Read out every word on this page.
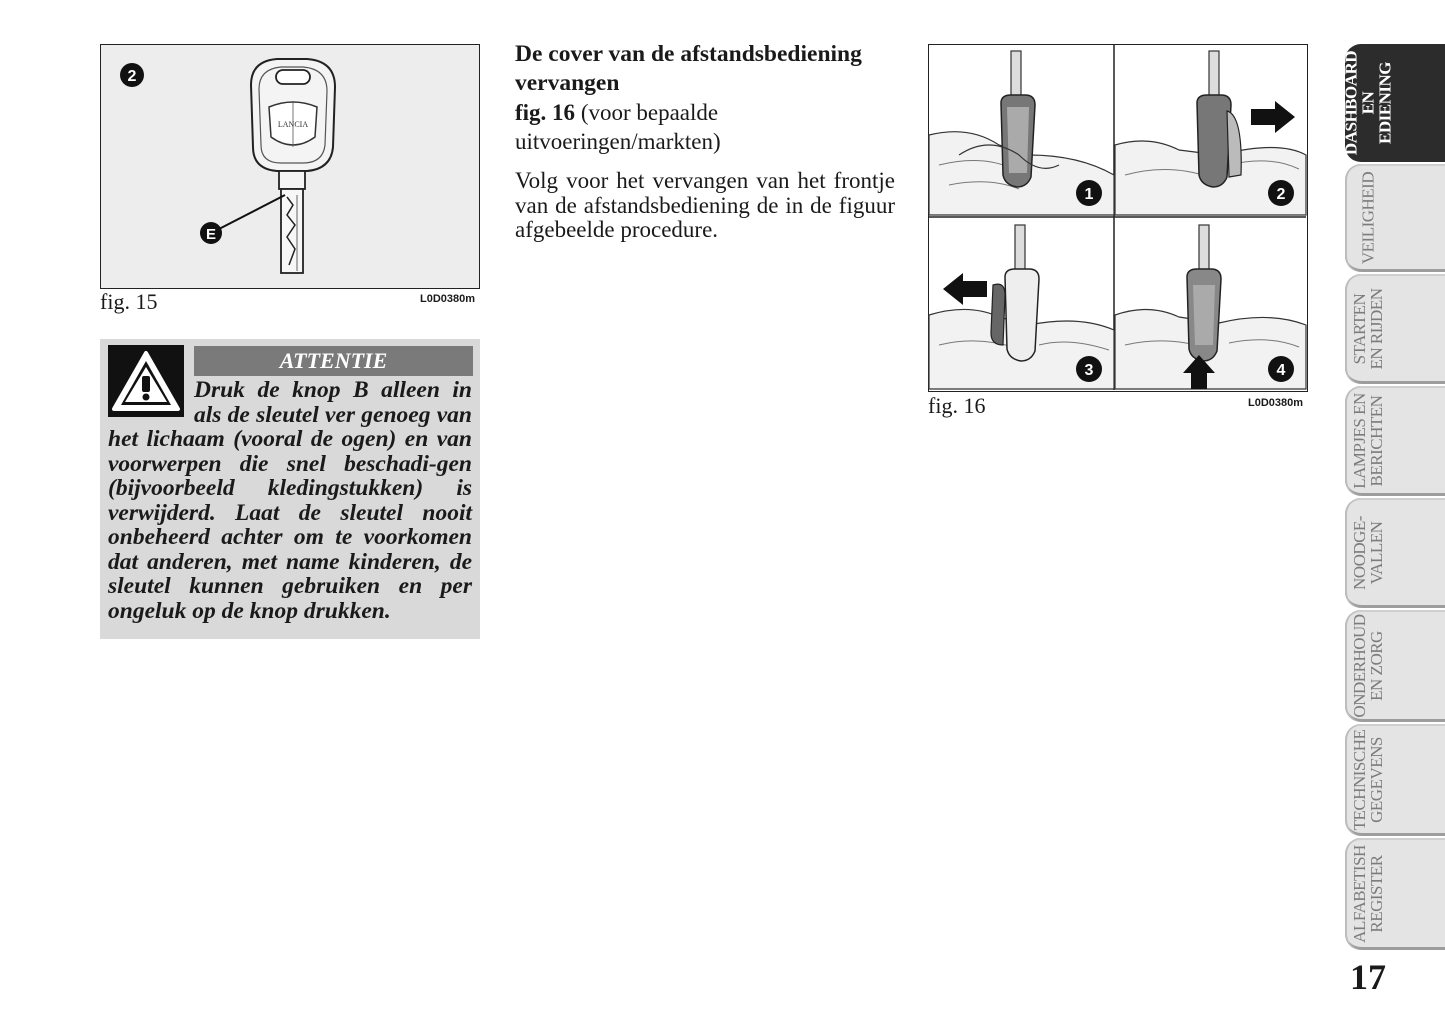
2
LANCIA
E
fig. 15	L0D0380m
ATTENTIE
Druk de knop B alleen in als de sleutel ver genoeg van het lichaam (vooral de ogen) en van voorwerpen die snel beschadi-gen (bijvoorbeeld kledingstukken) is verwijderd. Laat de sleutel nooit onbeheerd achter om te voorkomen dat anderen, met name kinderen, de sleutel kunnen gebruiken en per ongeluk op de knop drukken.
De cover van de afstandsbediening vervangen
fig. 16 (voor bepaalde uitvoeringen/markten)
Volg voor het vervangen van het frontje van de afstandsbediening de in de figuur afgebeelde procedure.
1	2
3	4
fig. 16	L0D0380m
DASHBOARD
EN
EDIENING
VEILIGHEID
STARTEN
EN RIJDEN
LAMPJES EN
BERICHTEN
NOODGE-
VALLEN
ONDERHOUD
EN ZORG
TECHNISCHE
GEGEVENS
ALFABETISH
REGISTER
17
